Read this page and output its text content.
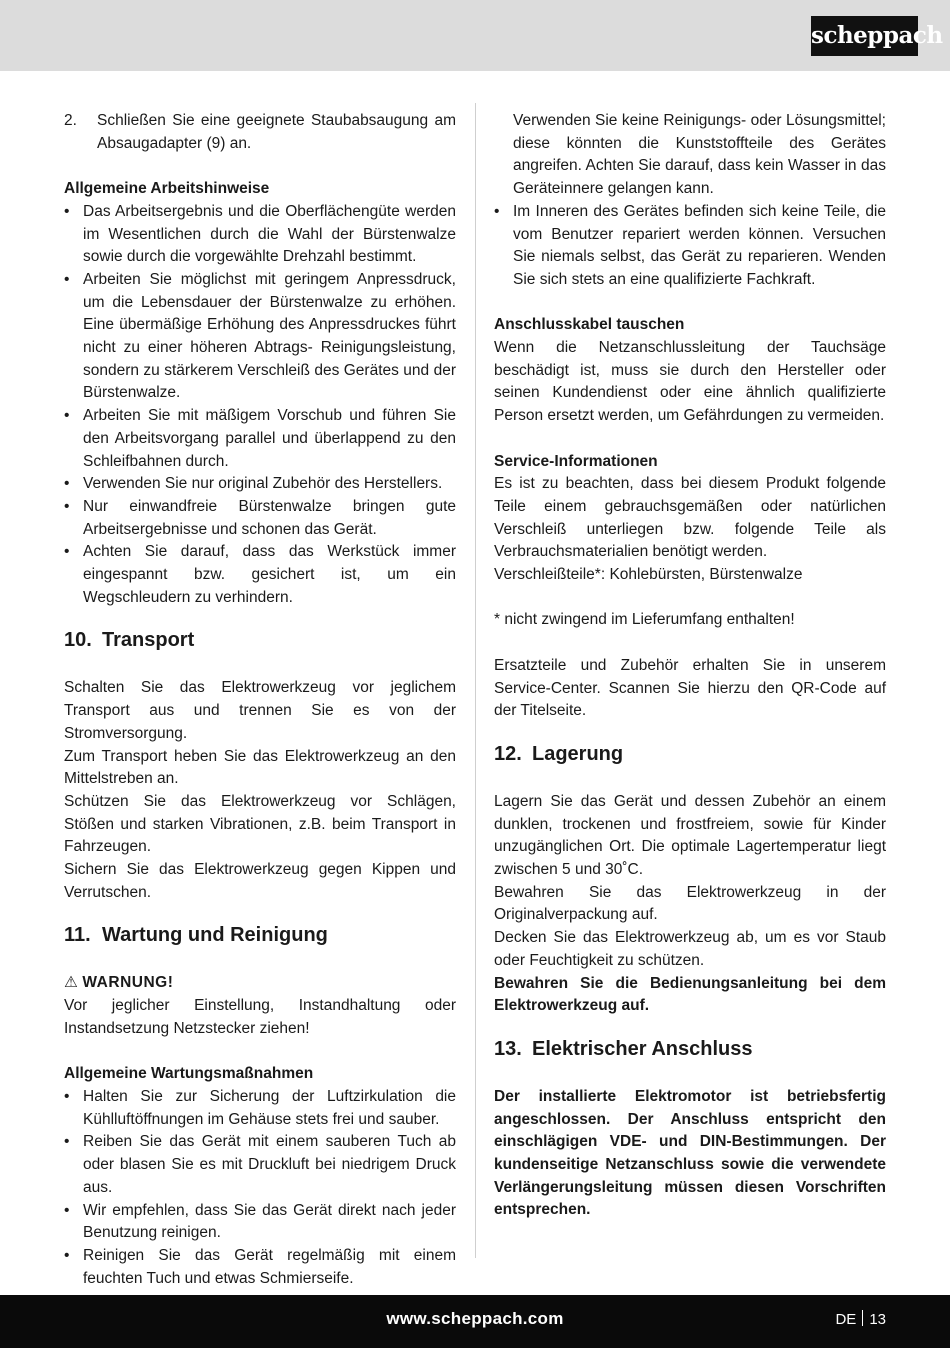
scheppach
2. Schließen Sie eine geeignete Staubabsaugung am Absaugadapter (9) an.

Allgemeine Arbeitshinweise

• Das Arbeitsergebnis und die Oberflächengüte werden im Wesentlichen durch die Wahl der Bürstenwalze sowie durch die vorgewählte Drehzahl bestimmt.
• Arbeiten Sie möglichst mit geringem Anpressdruck, um die Lebensdauer der Bürstenwalze zu erhöhen. Eine übermäßige Erhöhung des Anpressdruckes führt nicht zu einer höheren Abtrags- Reinigungsleistung, sondern zu stärkerem Verschleiß des Gerätes und der Bürstenwalze.
• Arbeiten Sie mit mäßigem Vorschub und führen Sie den Arbeitsvorgang parallel und überlappend zu den Schleifbahnen durch.
• Verwenden Sie nur original Zubehör des Herstellers.
• Nur einwandfreie Bürstenwalze bringen gute Arbeitsergebnisse und schonen das Gerät.
• Achten Sie darauf, dass das Werkstück immer eingespannt bzw. gesichert ist, um ein Wegschleudern zu verhindern.
10. Transport

Schalten Sie das Elektrowerkzeug vor jeglichem Transport aus und trennen Sie es von der Stromversorgung.

Zum Transport heben Sie das Elektrowerkzeug an den Mittelstreben an.

Schützen Sie das Elektrowerkzeug vor Schlägen, Stößen und starken Vibrationen, z.B. beim Transport in Fahrzeugen.

Sichern Sie das Elektrowerkzeug gegen Kippen und Verrutschen.

11. Wartung und Reinigung

⚠ WARNUNG!

Vor jeglicher Einstellung, Instandhaltung oder Instandsetzung Netzstecker ziehen!

Allgemeine Wartungsmaßnahmen

• Halten Sie zur Sicherung der Luftzirkulation die Kühlluftöffnungen im Gehäuse stets frei und sauber.
• Reiben Sie das Gerät mit einem sauberen Tuch ab oder blasen Sie es mit Druckluft bei niedrigem Druck aus.
• Wir empfehlen, dass Sie das Gerät direkt nach jeder Benutzung reinigen.
• Reinigen Sie das Gerät regelmäßig mit einem feuchten Tuch und etwas Schmierseife.
Verwenden Sie keine Reinigungs- oder Lösungsmittel; diese könnten die Kunststoffteile des Gerätes angreifen. Achten Sie darauf, dass kein Wasser in das Geräteinnere gelangen kann.
• Im Inneren des Gerätes befinden sich keine Teile, die vom Benutzer repariert werden können. Versuchen Sie niemals selbst, das Gerät zu reparieren. Wenden Sie sich stets an eine qualifizierte Fachkraft.

Anschlusskabel tauschen

Wenn die Netzanschlussleitung der Tauchsäge beschädigt ist, muss sie durch den Hersteller oder seinen Kundendienst oder eine ähnlich qualifizierte Person ersetzt werden, um Gefährdungen zu vermeiden.

Service-Informationen

Es ist zu beachten, dass bei diesem Produkt folgende Teile einem gebrauchsgemäßen oder natürlichen Verschleiß unterliegen bzw. folgende Teile als Verbrauchsmaterialien benötigt werden.

Verschleißteile*: Kohlebürsten, Bürstenwalze

* nicht zwingend im Lieferumfang enthalten!

Ersatzteile und Zubehör erhalten Sie in unserem Service-Center. Scannen Sie hierzu den QR-Code auf der Titelseite.

12. Lagerung

Lagern Sie das Gerät und dessen Zubehör an einem dunklen, trockenen und frostfreiem, sowie für Kinder unzugänglichen Ort. Die optimale Lagertemperatur liegt zwischen 5 und 30˚C.

Bewahren Sie das Elektrowerkzeug in der Originalverpackung auf.

Decken Sie das Elektrowerkzeug ab, um es vor Staub oder Feuchtigkeit zu schützen.

Bewahren Sie die Bedienungsanleitung bei dem Elektrowerkzeug auf.

13. Elektrischer Anschluss

Der installierte Elektromotor ist betriebsfertig angeschlossen. Der Anschluss entspricht den einschlägigen VDE- und DIN-Bestimmungen. Der kundenseitige Netzanschluss sowie die verwendete Verlängerungsleitung müssen diesen Vorschriften entsprechen.

www.scheppach.com	DE 13
